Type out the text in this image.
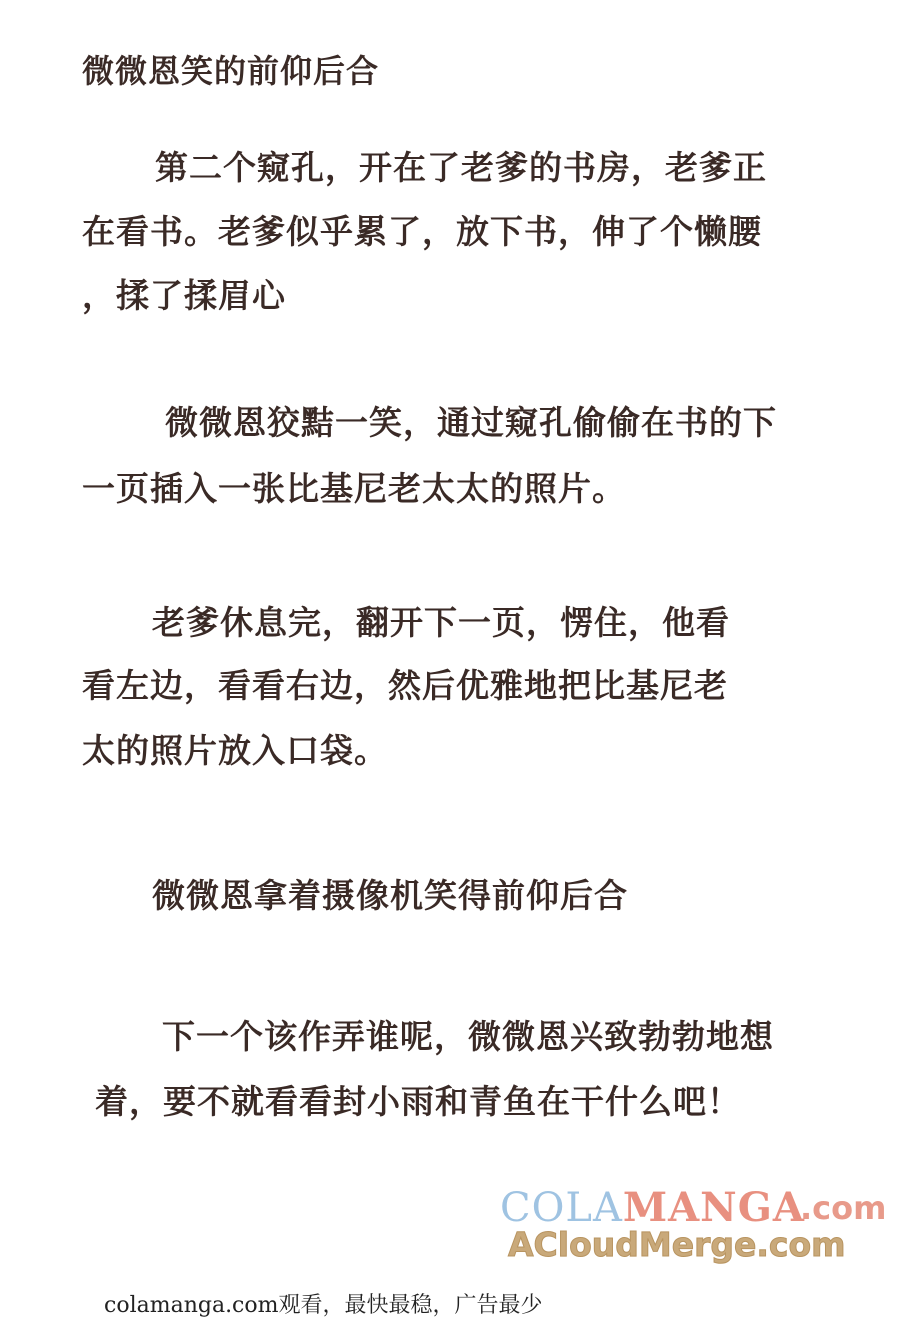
微微恩笑的前仰后合
第二个窥孔，开在了老爹的书房，老爹正
在看书。老爹似乎累了，放下书，伸了个懒腰
，揉了揉眉心
微微恩狡黠一笑，通过窥孔偷偷在书的下
一页插入一张比基尼老太太的照片。
老爹休息完，翻开下一页，愣住，他看
看左边，看看右边，然后优雅地把比基尼老
太的照片放入口袋。
微微恩拿着摄像机笑得前仰后合
下一个该作弄谁呢，微微恩兴致勃勃地想
着，要不就看看封小雨和青鱼在干什么吧！
COLAMANGA
.com
ACloudMerge.com
colamanga.com观看，最快最稳，广告最少
